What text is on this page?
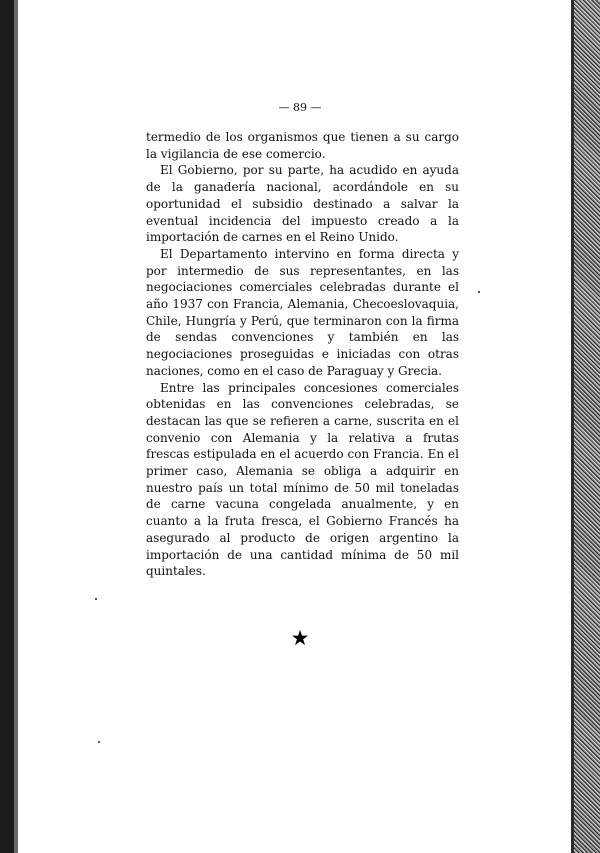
— 89 —

termedio de los organismos que tienen a su cargo la vigilancia de ese comercio.

El Gobierno, por su parte, ha acudido en ayuda de la ganadería nacional, acordándole en su oportunidad el subsidio destinado a salvar la eventual incidencia del impuesto creado a la importación de carnes en el Reino Unido.

El Departamento intervino en forma directa y por intermedio de sus representantes, en las negociaciones comerciales celebradas durante el año 1937 con Francia, Alemania, Checoeslovaquia, Chile, Hungría y Perú, que terminaron con la firma de sendas convenciones y también en las negociaciones proseguidas e iniciadas con otras naciones, como en el caso de Paraguay y Grecia.

Entre las principales concesiones comerciales obtenidas en las convenciones celebradas, se destacan las que se refieren a carne, suscrita en el convenio con Alemania y la relativa a frutas frescas estipulada en el acuerdo con Francia. En el primer caso, Alemania se obliga a adquirir en nuestro país un total mínimo de 50 mil toneladas de carne vacuna congelada anualmente, y en cuanto a la fruta fresca, el Gobierno Francés ha asegurado al producto de origen argentino la importación de una cantidad mínima de 50 mil quintales.

★
